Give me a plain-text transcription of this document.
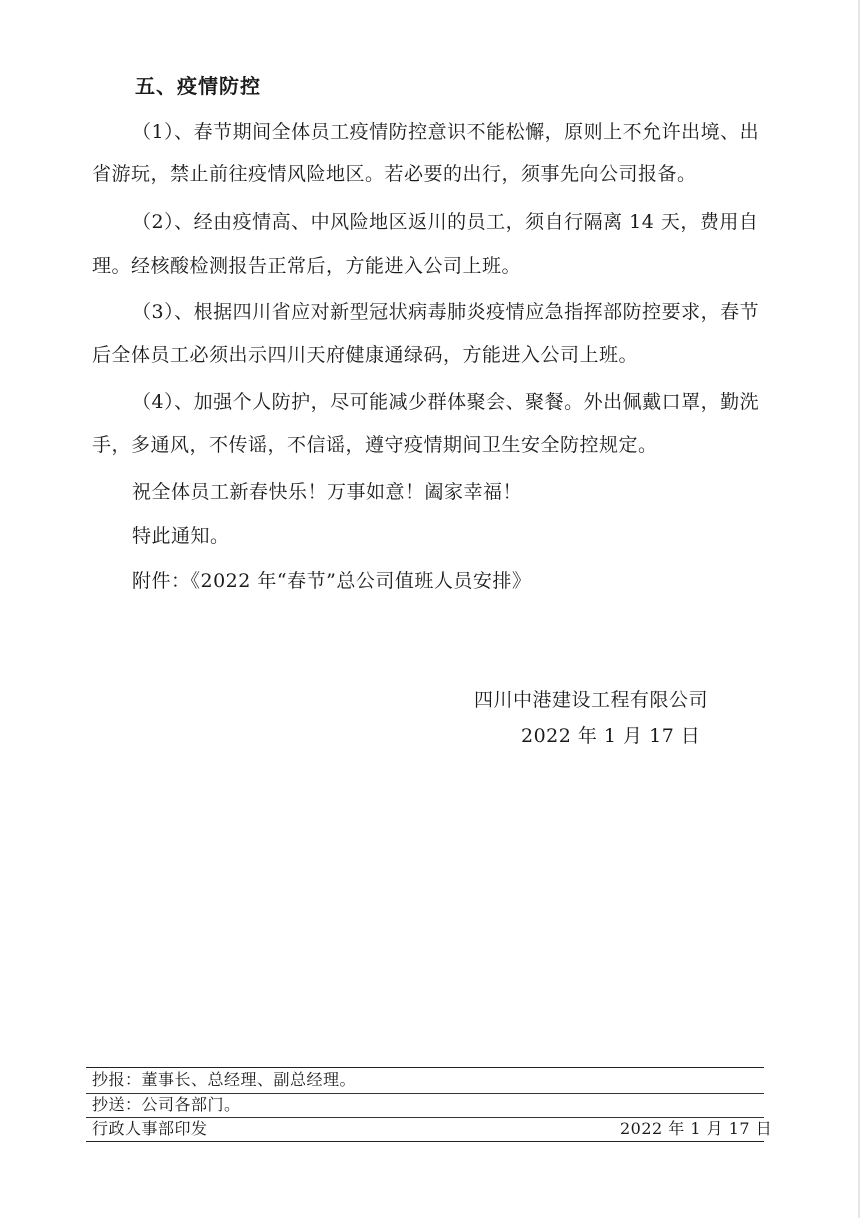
五、疫情防控
（1）、春节期间全体员工疫情防控意识不能松懈，原则上不允许出境、出
省游玩，禁止前往疫情风险地区。若必要的出行，须事先向公司报备。
（2）、经由疫情高、中风险地区返川的员工，须自行隔离 14 天，费用自
理。经核酸检测报告正常后，方能进入公司上班。
（3）、根据四川省应对新型冠状病毒肺炎疫情应急指挥部防控要求，春节
后全体员工必须出示四川天府健康通绿码，方能进入公司上班。
（4）、加强个人防护，尽可能减少群体聚会、聚餐。外出佩戴口罩，勤洗
手，多通风，不传谣，不信谣，遵守疫情期间卫生安全防控规定。
祝全体员工新春快乐！万事如意！阖家幸福！
特此通知。
附件：《2022 年“春节”总公司值班人员安排》
四川中港建设工程有限公司
2022 年 1 月 17 日
抄报：董事长、总经理、副总经理。
抄送：公司各部门。
行政人事部印发	2022 年 1 月 17 日
